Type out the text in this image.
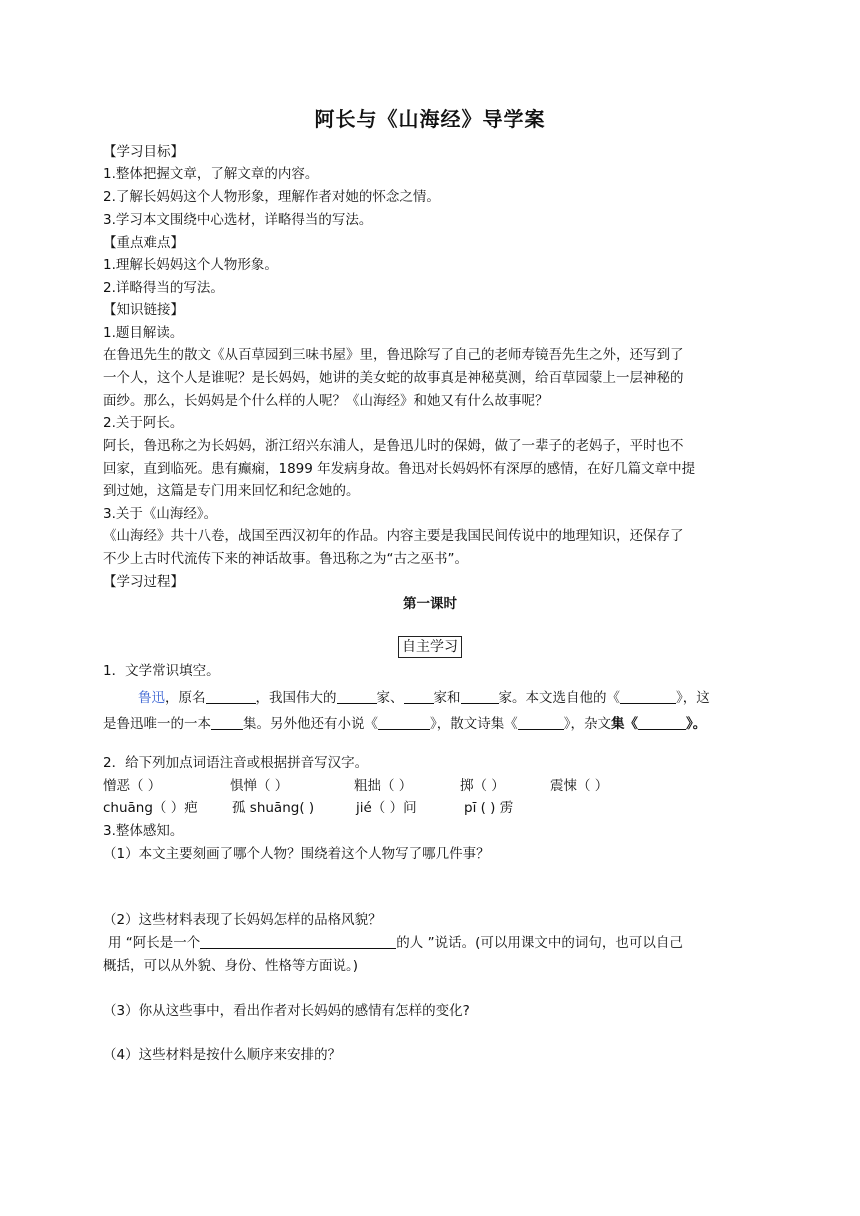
阿长与《山海经》导学案
【学习目标】
1.整体把握文章，了解文章的内容。
2.了解长妈妈这个人物形象，理解作者对她的怀念之情。
3.学习本文围绕中心选材，详略得当的写法。
【重点难点】
1.理解长妈妈这个人物形象。
2.详略得当的写法。
【知识链接】
1.题目解读。
在鲁迅先生的散文《从百草园到三味书屋》里，鲁迅除写了自己的老师寿镜吾先生之外，还写到了
一个人，这个人是谁呢？是长妈妈，她讲的美女蛇的故事真是神秘莫测，给百草园蒙上一层神秘的
面纱。那么，长妈妈是个什么样的人呢？《山海经》和她又有什么故事呢？
2.关于阿长。
阿长，鲁迅称之为长妈妈，浙江绍兴东浦人，是鲁迅儿时的保姆，做了一辈子的老妈子，平时也不
回家，直到临死。患有癫痫，1899 年发病身故。鲁迅对长妈妈怀有深厚的感情，在好几篇文章中提
到过她，这篇是专门用来回忆和纪念她的。
3.关于《山海经》。
《山海经》共十八卷，战国至西汉初年的作品。内容主要是我国民间传说中的地理知识，还保存了
不少上古时代流传下来的神话故事。鲁迅称之为“古之巫书”。
【学习过程】
第一课时
自主学习
1．文学常识填空。
鲁迅，原名	，我国伟大的	家、 家和	家。本文选自他的《	》，这
是鲁迅唯一的一本 集。另外他还有小说《	》，散文诗集《	》，杂文集《	》。
2．给下列加点词语注音或根据拼音写汉字。
憎恶（ ）	惧惮（ ）	粗拙（ ）	掷（ ）	震悚（ ）
chuāng（ ）疤	孤 shuāng( )	jié（ ）问	pī ( ) 雳
3.整体感知。
（1）本文主要刻画了哪个人物？围绕着这个人物写了哪几件事？
（2）这些材料表现了长妈妈怎样的品格风貌？
用 “阿长是一个	的人 ”说话。(可以用课文中的词句，也可以自己
概括，可以从外貌、身份、性格等方面说。)
（3）你从这些事中，看出作者对长妈妈的感情有怎样的变化?
（4）这些材料是按什么顺序来安排的？
